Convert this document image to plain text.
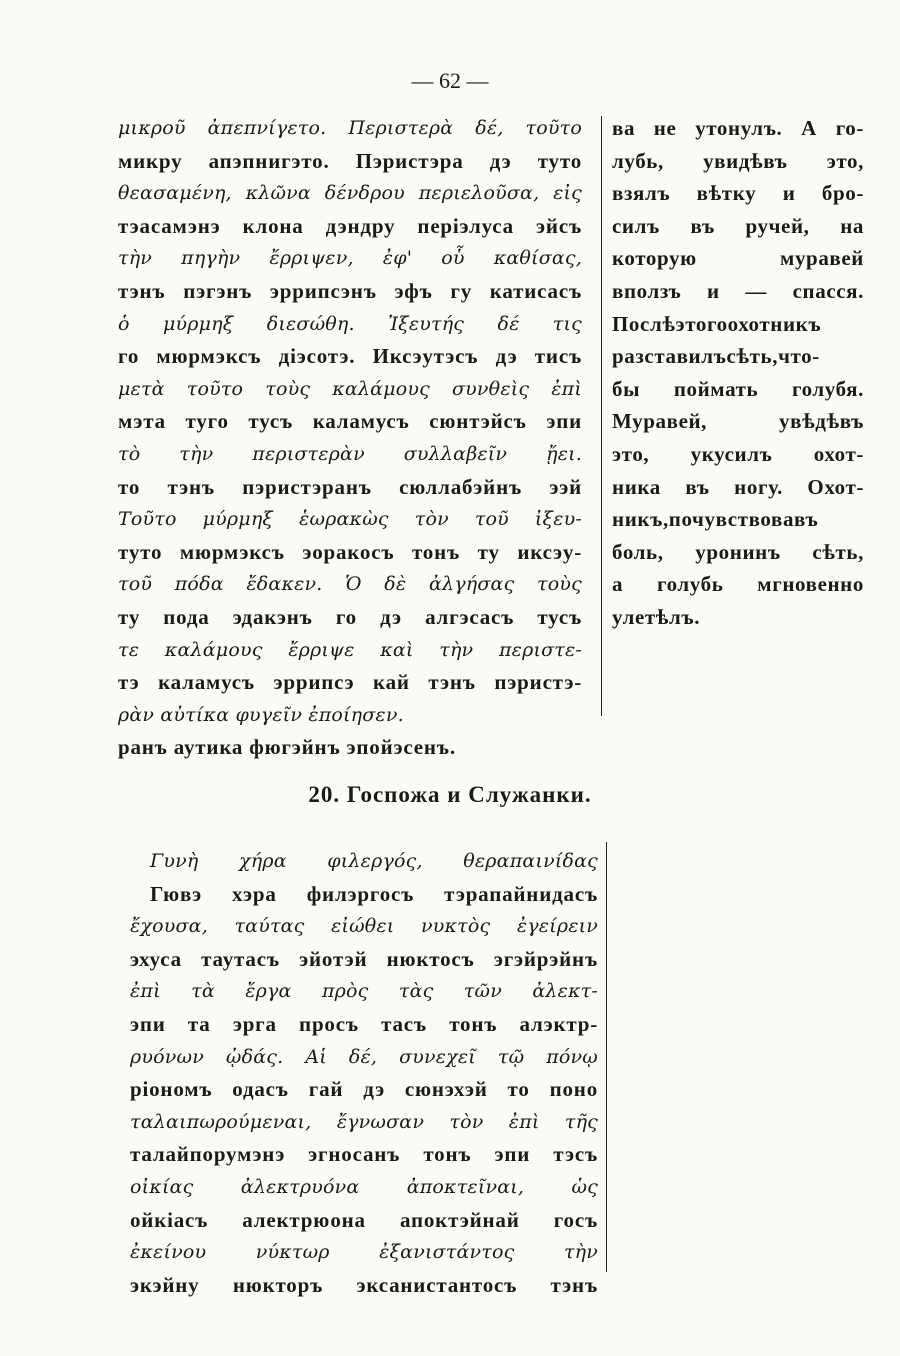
— 62 —
μικροῦ ἀπεπνίγετο. Περιστερὰ δέ, τοῦτο
микру апэпнигэто. Пэристэра дэ туто
θεασαμένη, κλῶνα δένδρου περιελοῦσα, εἰς
тэасамэнэ клона дэндру періэлуса эйсъ
τὴν πηγὴν ἔρριψεν, ἐφ' οὗ καθίσας,
тэнъ пэгэнъ эррипсэнъ эфъ гу катисасъ
ὁ μύρμηξ διεσώθη. Ἰξευτής δέ τις
го мюрмэксъ діэсотэ. Иксэутэсъ дэ тисъ
μετὰ τοῦτο τοὺς καλάμους συνθεὶς ἐπὶ
мэта туго тусъ каламусъ сюнтэйсъ эпи
τὸ τὴν περιστερὰν συλλαβεῖν ᾔει.
то тэнъ пэристэранъ сюллабэйнъ ээй
Τοῦτο μύρμηξ ἑωρακὼς τὸν τοῦ ἰξευ-
туто мюрмэксъ эоракосъ тонъ ту иксэу-
τοῦ πόδα ἔδακεν. Ὁ δὲ ἀλγήσας τοὺς
ту пода эдакэнъ го дэ алгэсасъ тусъ
τε καλάμους ἔρριψε καὶ τὴν περιστε-
тэ каламусъ эррипсэ кай тэнъ пэристэ-
ρὰν αὐτίκα φυγεῖν ἐποίησεν.
ранъ аутика фюгэйнъ эпойэсенъ.
ва не утонулъ. А го-
лубь, увидѣвъ это,
взялъ вѣтку и бро-
силъ въ ручей, на
которую муравей
вползъ и — спасся.
Послѣэтогоохотникъ
разставилъсѣть,что-
бы поймать голубя.
Муравей, увѣдѣвъ
это, укусилъ охот-
ника въ ногу. Охот-
никъ,почувствовавъ
боль, уронинъ сѣть,
а голубь мгновенно
улетѣлъ.
20. Госпожа и Служанки.
Γυνὴ χήρα φιλεργός, θεραπαινίδας
Гювэ хэра филэргосъ тэрапайнидасъ
ἔχουσα, ταύτας εἰώθει νυκτὸς ἐγείρειν
эхуса таутасъ эйотэй нюктосъ эгэйрэйнъ
ἐπὶ τὰ ἔργα πρὸς τὰς τῶν ἀλεκτ-
эпи та эрга просъ тасъ тонъ алэктр-
ρυόνων ᾠδάς. Αἱ δέ, συνεχεῖ τῷ πόνῳ
ріономъ одасъ гай дэ сюнэхэй то поно
ταλαιπωρούμεναι, ἔγνωσαν τὸν ἐπὶ τῆς
талайпорумэнэ эгносанъ тонъ эпи тэсъ
οἰκίας ἀλεκτρυόνα ἀποκτεῖναι, ὡς
ойкіасъ алектрюона апоктэйнай госъ
ἐκείνου νύκτωρ ἐξανιστάντος τὴν
экэйну нюкторъ эксанистантосъ тэнъ
